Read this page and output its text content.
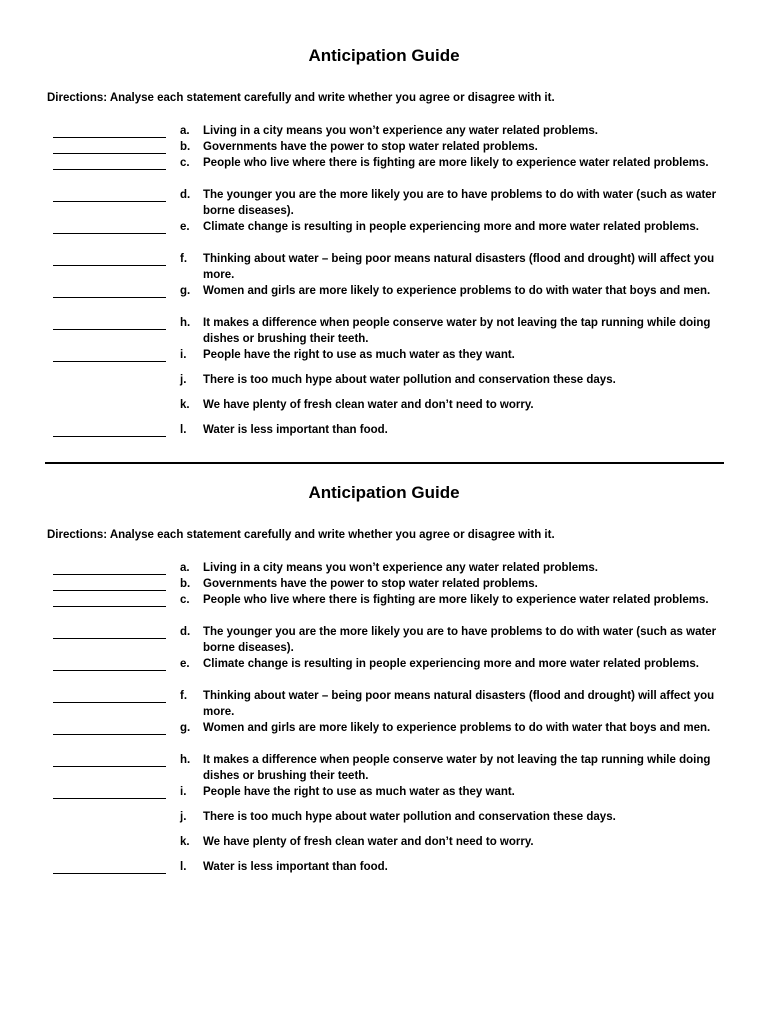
Anticipation Guide

Directions: Analyse each statement carefully and write whether you agree or disagree with it.

a. Living in a city means you won’t experience any water related problems.
b. Governments have the power to stop water related problems.
c. People who live where there is fighting are more likely to experience water related problems.
d. The younger you are the more likely you are to have problems to do with water (such as water borne diseases).
e. Climate change is resulting in people experiencing more and more water related problems.
f. Thinking about water – being poor means natural disasters (flood and drought) will affect you more.
g. Women and girls are more likely to experience problems to do with water that boys and men.
h. It makes a difference when people conserve water by not leaving the tap running while doing dishes or brushing their teeth.
i. People have the right to use as much water as they want.
j. There is too much hype about water pollution and conservation these days.
k. We have plenty of fresh clean water and don’t need to worry.
l. Water is less important than food.
Anticipation Guide

Directions: Analyse each statement carefully and write whether you agree or disagree with it.

a. Living in a city means you won’t experience any water related problems.
b. Governments have the power to stop water related problems.
c. People who live where there is fighting are more likely to experience water related problems.
d. The younger you are the more likely you are to have problems to do with water (such as water borne diseases).
e. Climate change is resulting in people experiencing more and more water related problems.
f. Thinking about water – being poor means natural disasters (flood and drought) will affect you more.
g. Women and girls are more likely to experience problems to do with water that boys and men.
h. It makes a difference when people conserve water by not leaving the tap running while doing dishes or brushing their teeth.
i. People have the right to use as much water as they want.
j. There is too much hype about water pollution and conservation these days.
k. We have plenty of fresh clean water and don’t need to worry.
l. Water is less important than food.
